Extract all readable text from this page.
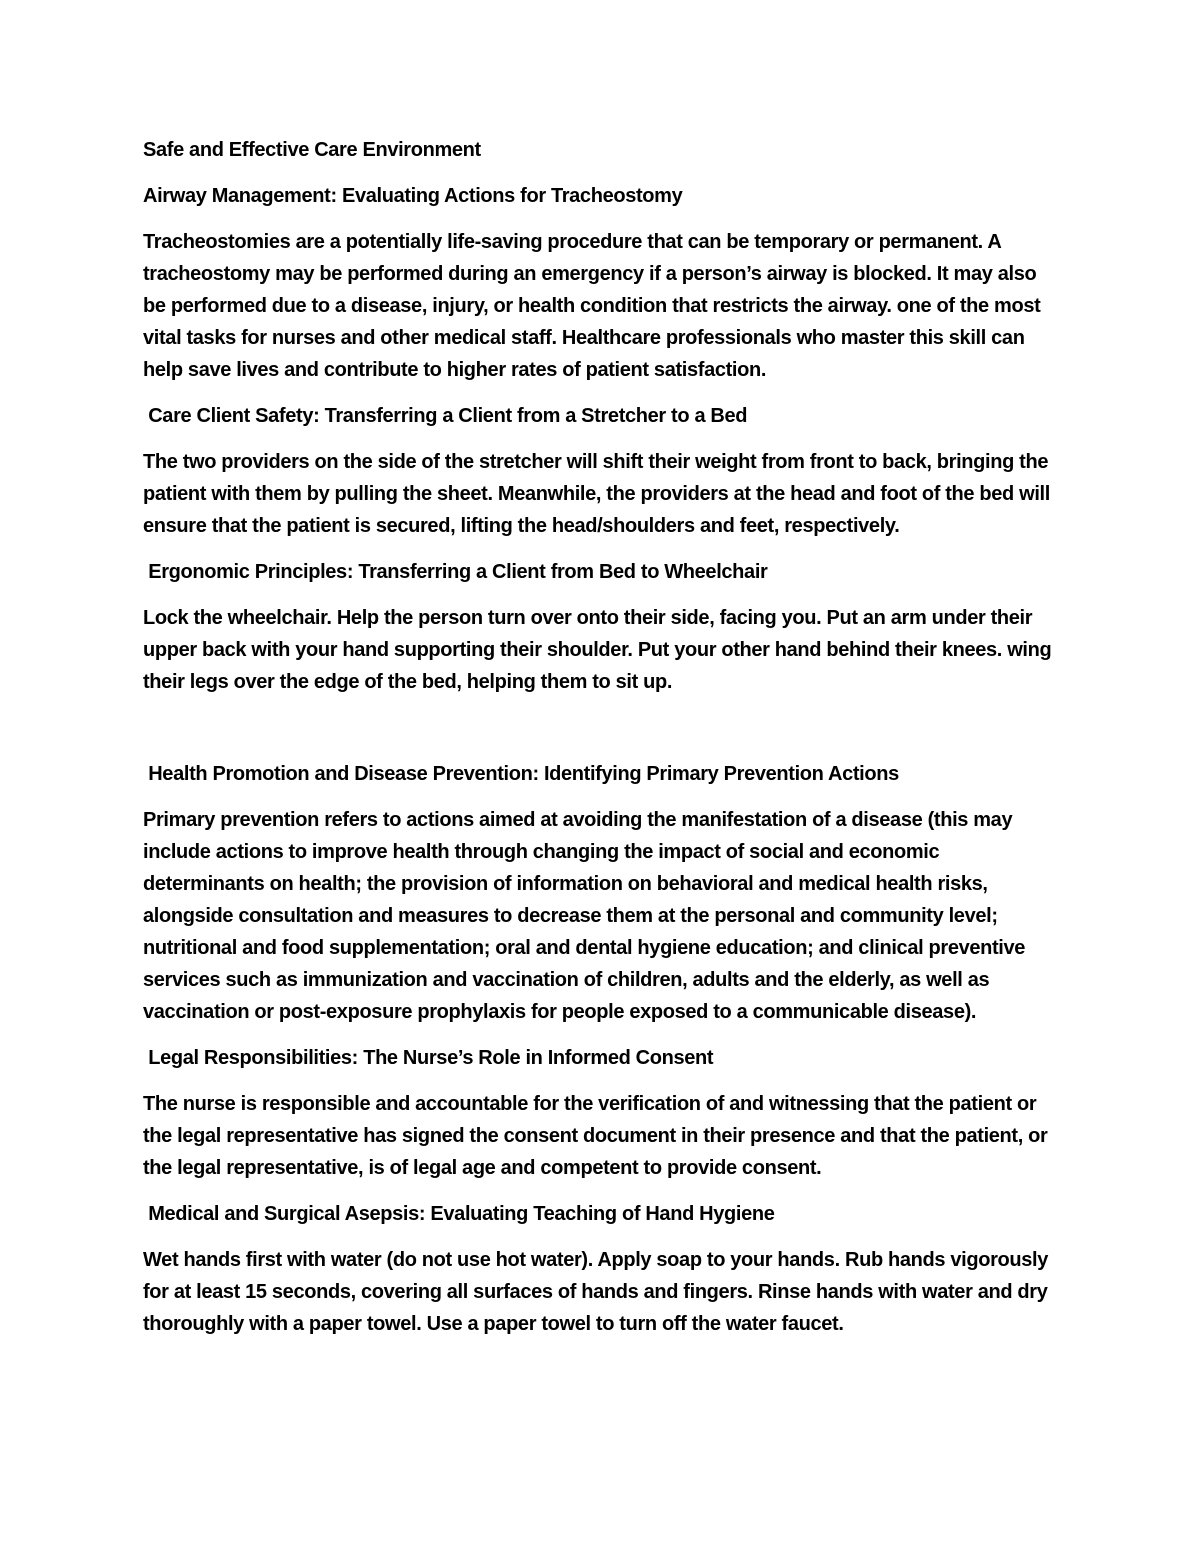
Safe and Effective Care Environment

Airway Management: Evaluating Actions for Tracheostomy

Tracheostomies are a potentially life-saving procedure that can be temporary or permanent. A tracheostomy may be performed during an emergency if a person’s airway is blocked. It may also be performed due to a disease, injury, or health condition that restricts the airway. one of the most vital tasks for nurses and other medical staff. Healthcare professionals who master this skill can help save lives and contribute to higher rates of patient satisfaction.

Care Client Safety: Transferring a Client from a Stretcher to a Bed

The two providers on the side of the stretcher will shift their weight from front to back, bringing the patient with them by pulling the sheet. Meanwhile, the providers at the head and foot of the bed will ensure that the patient is secured, lifting the head/shoulders and feet, respectively.

Ergonomic Principles: Transferring a Client from Bed to Wheelchair

Lock the wheelchair. Help the person turn over onto their side, facing you. Put an arm under their upper back with your hand supporting their shoulder. Put your other hand behind their knees. wing their legs over the edge of the bed, helping them to sit up.

Health Promotion and Disease Prevention: Identifying Primary Prevention Actions

Primary prevention refers to actions aimed at avoiding the manifestation of a disease (this may include actions to improve health through changing the impact of social and economic determinants on health; the provision of information on behavioral and medical health risks, alongside consultation and measures to decrease them at the personal and community level; nutritional and food supplementation; oral and dental hygiene education; and clinical preventive services such as immunization and vaccination of children, adults and the elderly, as well as vaccination or post-exposure prophylaxis for people exposed to a communicable disease).

Legal Responsibilities: The Nurse’s Role in Informed Consent

The nurse is responsible and accountable for the verification of and witnessing that the patient or the legal representative has signed the consent document in their presence and that the patient, or the legal representative, is of legal age and competent to provide consent.

Medical and Surgical Asepsis: Evaluating Teaching of Hand Hygiene

Wet hands first with water (do not use hot water). Apply soap to your hands. Rub hands vigorously for at least 15 seconds, covering all surfaces of hands and fingers. Rinse hands with water and dry thoroughly with a paper towel. Use a paper towel to turn off the water faucet.
